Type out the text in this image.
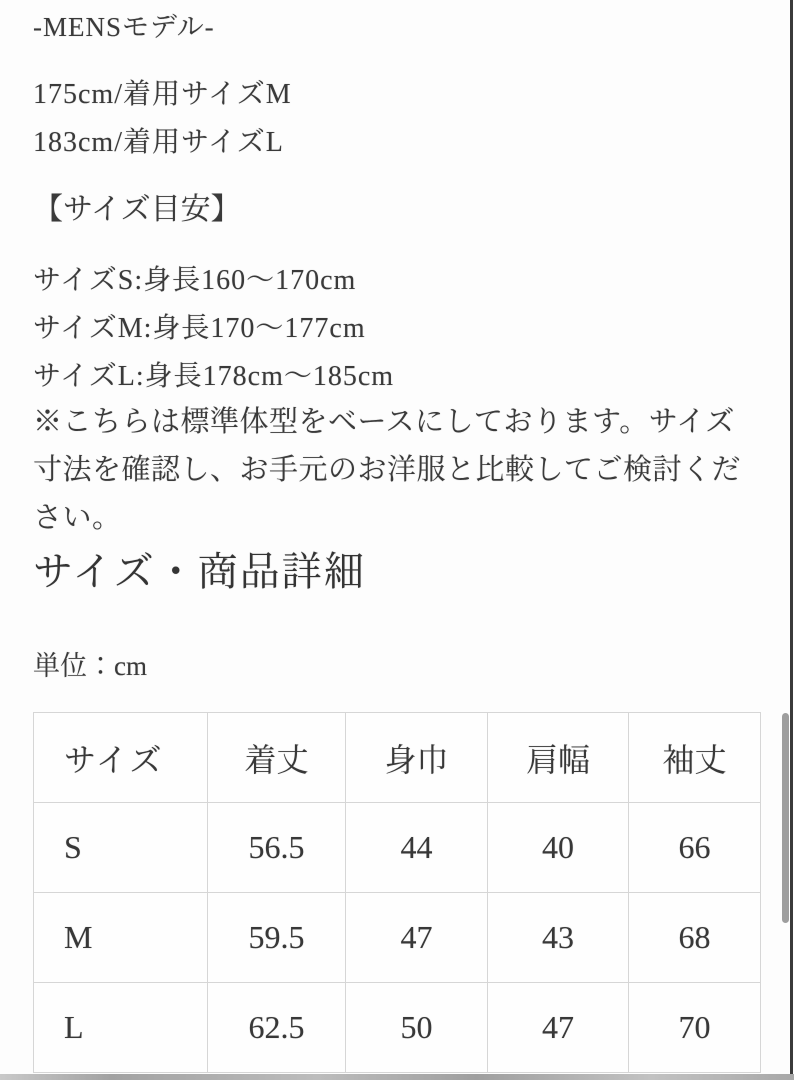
-MENSモデル-
175cm/着用サイズM
183cm/着用サイズL
【サイズ目安】
サイズS:身長160〜170cm
サイズM:身長170〜177cm
サイズL:身長178cm〜185cm
※こちらは標準体型をベースにしております。サイズ寸法を確認し、お手元のお洋服と比較してご検討ください。
サイズ・商品詳細
単位：cm
サイズ	着丈	身巾	肩幅	袖丈
S	56.5	44	40	66
M	59.5	47	43	68
L	62.5	50	47	70
